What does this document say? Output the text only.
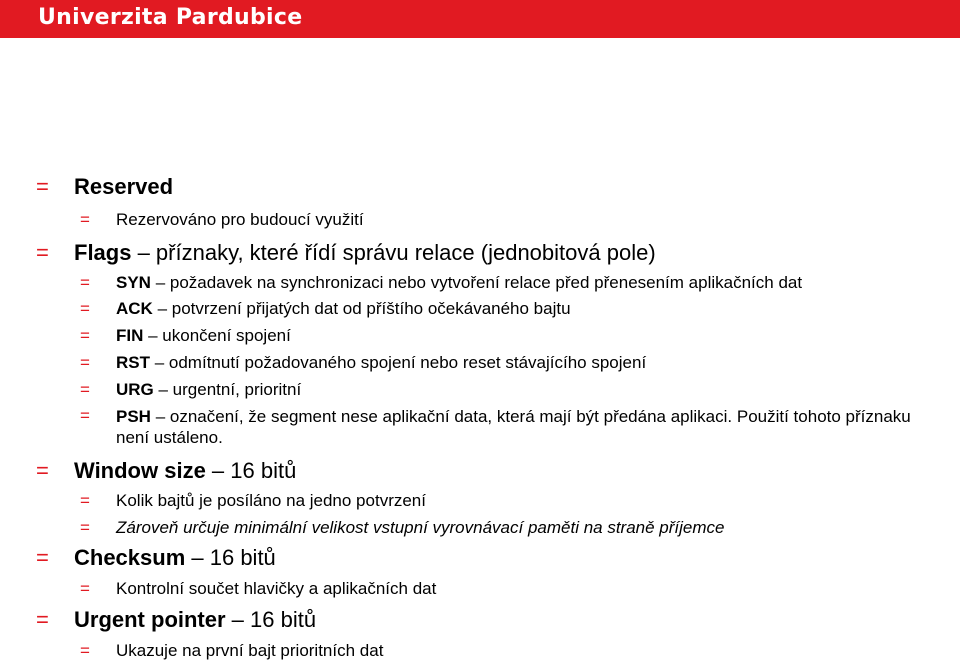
Univerzita Pardubice
= Reserved
= Rezervováno pro budoucí využití
= Flags – příznaky, které řídí správu relace (jednobitová pole)
= SYN – požadavek na synchronizaci nebo vytvoření relace před přenesením aplikačních dat
= ACK – potvrzení přijatých dat od příštího očekávaného bajtu
= FIN – ukončení spojení
= RST – odmítnutí požadovaného spojení nebo reset stávajícího spojení
= URG – urgentní, prioritní
= PSH – označení, že segment nese aplikační data, která mají být předána aplikaci. Použití tohoto příznaku není ustáleno.
= Window size – 16 bitů
= Kolik bajtů je posíláno na jedno potvrzení
= Zároveň určuje minimální velikost vstupní vyrovnávací paměti na straně příjemce
= Checksum – 16 bitů
= Kontrolní součet hlavičky a aplikačních dat
= Urgent pointer – 16 bitů
= Ukazuje na první bajt prioritních dat
